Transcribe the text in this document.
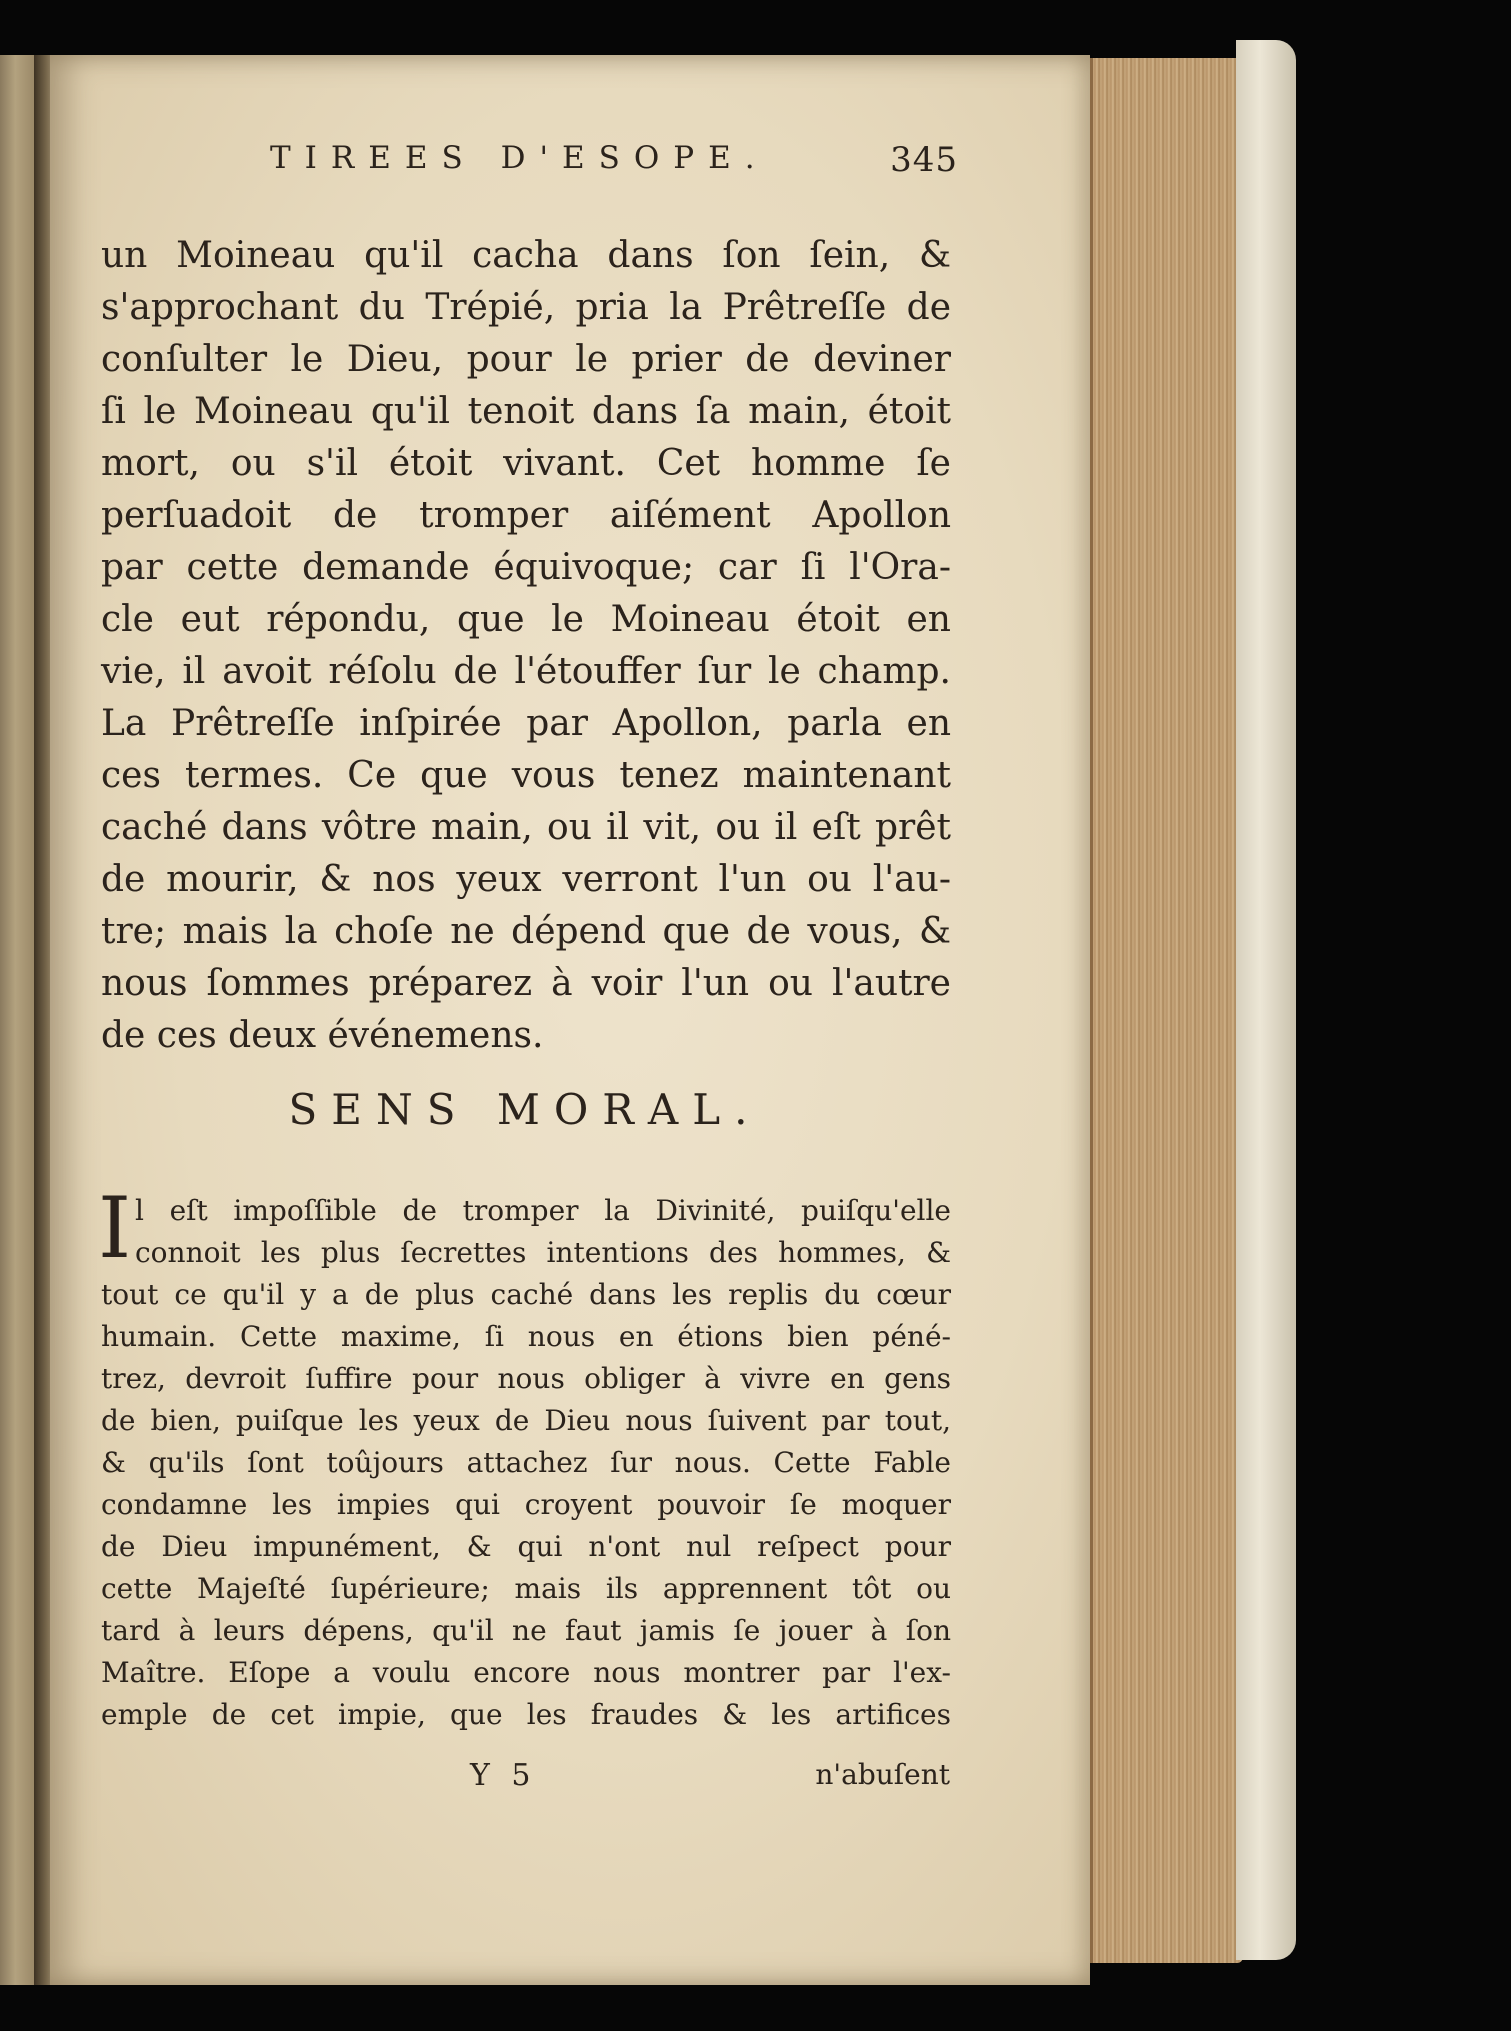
TIREES D'ESOPE.	345
un Moineau qu'il cacha dans ſon ſein, &
s'approchant du Trépié, pria la Prêtreſſe de
conſulter le Dieu, pour le prier de deviner
ſi le Moineau qu'il tenoit dans ſa main, étoit
mort, ou s'il étoit vivant. Cet homme ſe
perſuadoit de tromper aiſément Apollon
par cette demande équivoque; car ſi l'Ora-
cle eut répondu, que le Moineau étoit en
vie, il avoit réſolu de l'étouffer ſur le champ.
La Prêtreſſe inſpirée par Apollon, parla en
ces termes. Ce que vous tenez maintenant
caché dans vôtre main, ou il vit, ou il eſt prêt
de mourir, & nos yeux verront l'un ou l'au-
tre; mais la choſe ne dépend que de vous, &
nous ſommes préparez à voir l'un ou l'autre
de ces deux événemens.
SENS MORAL.
I l eſt impoſſible de tromper la Divinité, puiſqu'elle
connoit les plus ſecrettes intentions des hommes, &
tout ce qu'il y a de plus caché dans les replis du cœur
humain. Cette maxime, ſi nous en étions bien péné-
trez, devroit ſuffire pour nous obliger à vivre en gens
de bien, puiſque les yeux de Dieu nous ſuivent par tout,
& qu'ils ſont toûjours attachez ſur nous. Cette Fable
condamne les impies qui croyent pouvoir ſe moquer
de Dieu impunément, & qui n'ont nul reſpect pour
cette Majeſté ſupérieure; mais ils apprennent tôt ou
tard à leurs dépens, qu'il ne faut jamis ſe jouer à ſon
Maître. Eſope a voulu encore nous montrer par l'ex-
emple de cet impie, que les fraudes & les artifices
Y 5	n'abuſent
